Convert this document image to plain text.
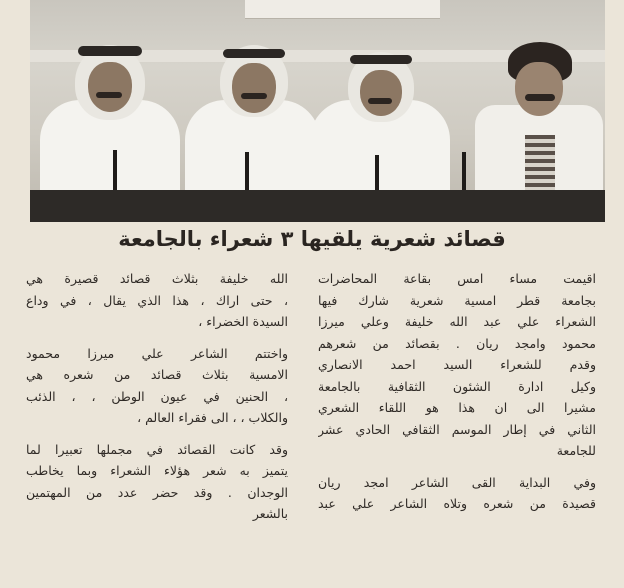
قصائد شعرية يلقيها ٣ شعراء بالجامعة
اقيمت مساء امس بقاعة المحاضرات
بجامعة قطر امسية شعرية شارك فيها
الشعراء علي عبد الله خليفة وعلي ميرزا
محمود وامجد ريان . بقصائد من شعرهم
وقدم للشعراء السيد احمد الانصاري
وكيل ادارة الشئون الثقافية بالجامعة
مشيرا الى ان هذا هو اللقاء الشعري
الثاني في إطار الموسم الثقافي الحادي عشر
للجامعة
وفي البداية القى الشاعر امجد ريان
قصيدة من شعره وتلاه الشاعر علي عبد
الله خليفة بثلاث قصائد قصيرة هي
، حتى اراك ، هذا الذي يقال ، في وداع
السيدة الخضراء ،
واختتم الشاعر علي ميرزا محمود
الامسية بثلاث قصائد من شعره هي
، الحنين في عيون الوطن ، ، الذئب
والكلاب ، ، الى فقراء العالم ،
وقد كانت القصائد في مجملها تعبيرا لما
يتميز به شعر هؤلاء الشعراء وبما يخاطب
الوجدان . وقد حضر عدد من المهتمين
بالشعر
